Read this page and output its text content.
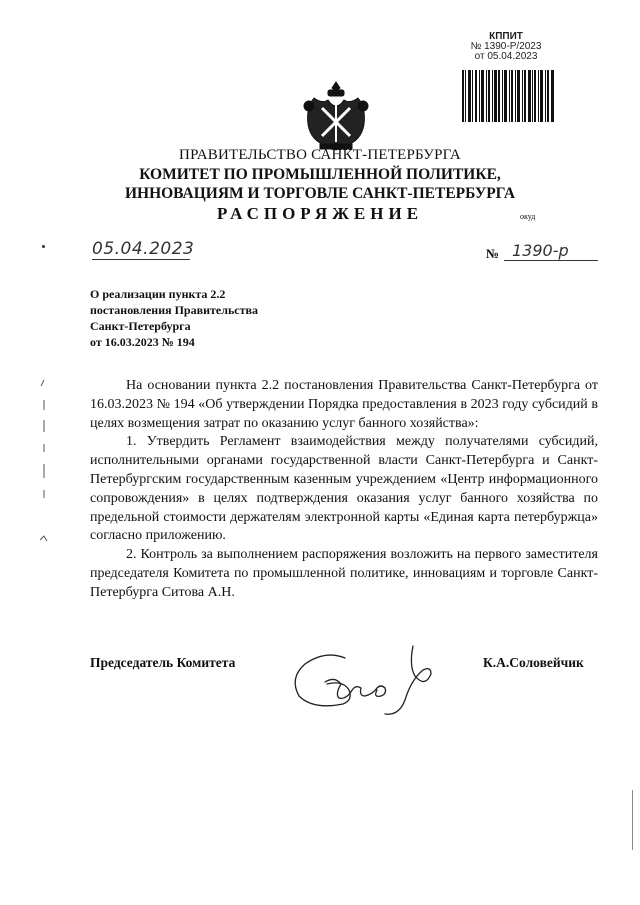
КППИТ
№ 1390-Р/2023
от 05.04.2023
ПРАВИТЕЛЬСТВО САНКТ-ПЕТЕРБУРГА
КОМИТЕТ ПО ПРОМЫШЛЕННОЙ ПОЛИТИКЕ,
ИННОВАЦИЯМ И ТОРГОВЛЕ САНКТ-ПЕТЕРБУРГА
РАСПОРЯЖЕНИЕ	окуд
05.04.2023	№ 1390-р
О реализации пункта 2.2
постановления Правительства
Санкт-Петербурга
от 16.03.2023 № 194

На основании пункта 2.2 постановления Правительства Санкт-Петербурга от 16.03.2023 № 194 «Об утверждении Порядка предоставления в 2023 году субсидий в целях возмещения затрат по оказанию услуг банного хозяйства»:

1. Утвердить Регламент взаимодействия между получателями субсидий, исполнительными органами государственной власти Санкт-Петербурга и Санкт-Петербургским государственным казенным учреждением «Центр информационного сопровождения» в целях подтверждения оказания услуг банного хозяйства по предельной стоимости держателям электронной карты «Единая карта петербуржца» согласно приложению.

2. Контроль за выполнением распоряжения возложить на первого заместителя председателя Комитета по промышленной политике, инновациям и торговле Санкт-Петербурга Ситова А.Н.

Председатель Комитета	К.А.Соловейчик
